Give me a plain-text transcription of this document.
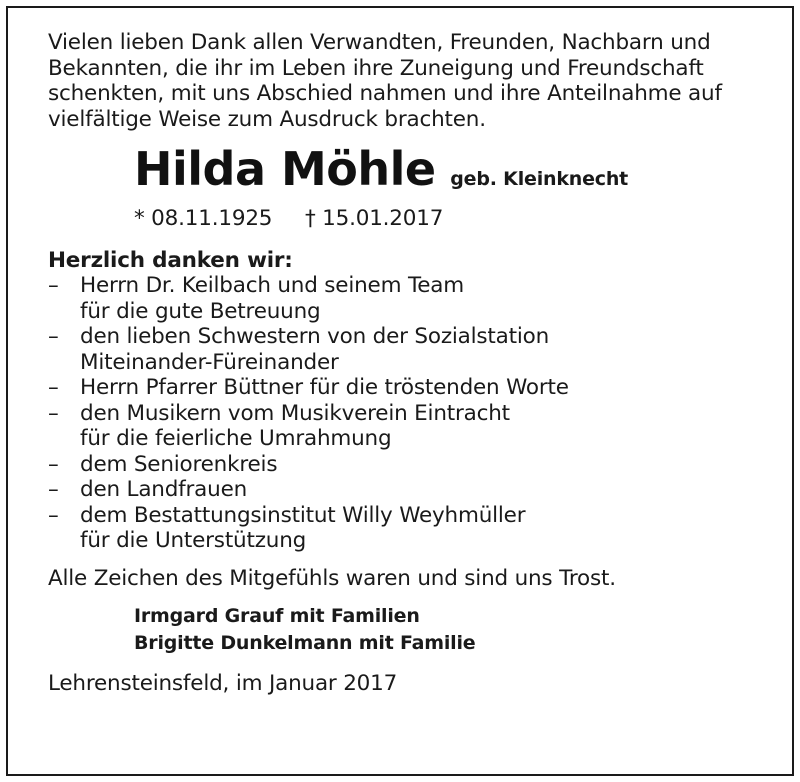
Vielen lieben Dank allen Verwandten, Freunden, Nachbarn und Bekannten, die ihr im Leben ihre Zuneigung und Freundschaft schenkten, mit uns Abschied nahmen und ihre Anteilnahme auf vielfältige Weise zum Ausdruck brachten.

Hilda Möhle geb. Kleinknecht
* 08.11.1925 † 15.01.2017
Herzlich danken wir:
– Herrn Dr. Keilbach und seinem Team
für die gute Betreuung
– den lieben Schwestern von der Sozialstation
Miteinander-Füreinander
– Herrn Pfarrer Büttner für die tröstenden Worte
– den Musikern vom Musikverein Eintracht
für die feierliche Umrahmung
– dem Seniorenkreis
– den Landfrauen
– dem Bestattungsinstitut Willy Weyhmüller
für die Unterstützung
Alle Zeichen des Mitgefühls waren und sind uns Trost.
Irmgard Grauf mit Familien
Brigitte Dunkelmann mit Familie
Lehrensteinsfeld, im Januar 2017
